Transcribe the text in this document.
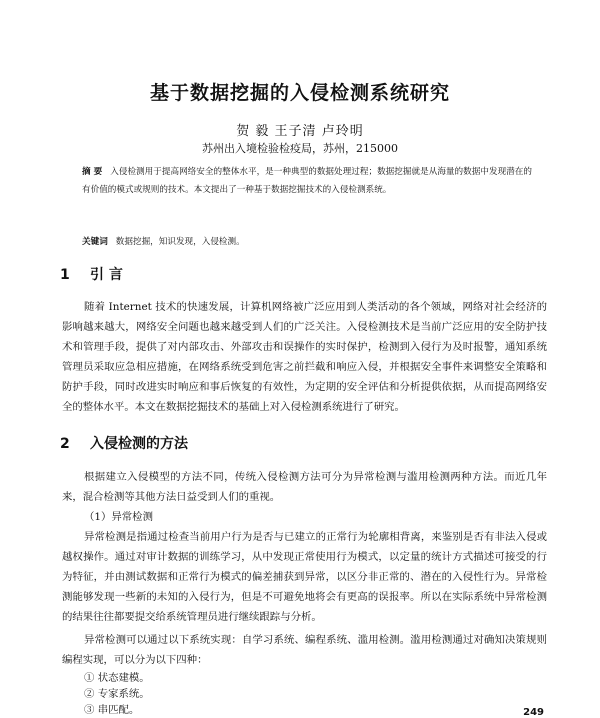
基于数据挖掘的入侵检测系统研究
贺 毅 王子清 卢玲明
苏州出入境检验检疫局，苏州，215000
摘 要 入侵检测用于提高网络安全的整体水平，是一种典型的数据处理过程；数据挖掘就是从海量的数据中发现潜在的有价值的模式或规则的技术。本文提出了一种基于数据挖掘技术的入侵检测系统。
关键词 数据挖掘，知识发现，入侵检测。
1 引 言
随着 Internet 技术的快速发展，计算机网络被广泛应用到人类活动的各个领域，网络对社会经济的影响越来越大，网络安全问题也越来越受到人们的广泛关注。入侵检测技术是当前广泛应用的安全防护技术和管理手段，提供了对内部攻击、外部攻击和误操作的实时保护，检测到入侵行为及时报警，通知系统管理员采取应急相应措施，在网络系统受到危害之前拦截和响应入侵，并根据安全事件来调整安全策略和防护手段，同时改进实时响应和事后恢复的有效性，为定期的安全评估和分析提供依据，从而提高网络安全的整体水平。本文在数据挖掘技术的基础上对入侵检测系统进行了研究。
2 入侵检测的方法
根据建立入侵模型的方法不同，传统入侵检测方法可分为异常检测与滥用检测两种方法。而近几年来，混合检测等其他方法日益受到人们的重视。
（1）异常检测
异常检测是指通过检查当前用户行为是否与已建立的正常行为轮廓相背离，来鉴别是否有非法入侵或越权操作。通过对审计数据的训练学习，从中发现正常使用行为模式，以定量的统计方式描述可接受的行为特征，并由测试数据和正常行为模式的偏差捕获到异常，以区分非正常的、潜在的入侵性行为。异常检测能够发现一些新的未知的入侵行为，但是不可避免地将会有更高的误报率。所以在实际系统中异常检测的结果往往都要提交给系统管理员进行继续跟踪与分析。
异常检测可以通过以下系统实现：自学习系统、编程系统、滥用检测。滥用检测通过对确知决策规则编程实现，可以分为以下四种：
① 状态建模。
② 专家系统。
③ 串匹配。	249
